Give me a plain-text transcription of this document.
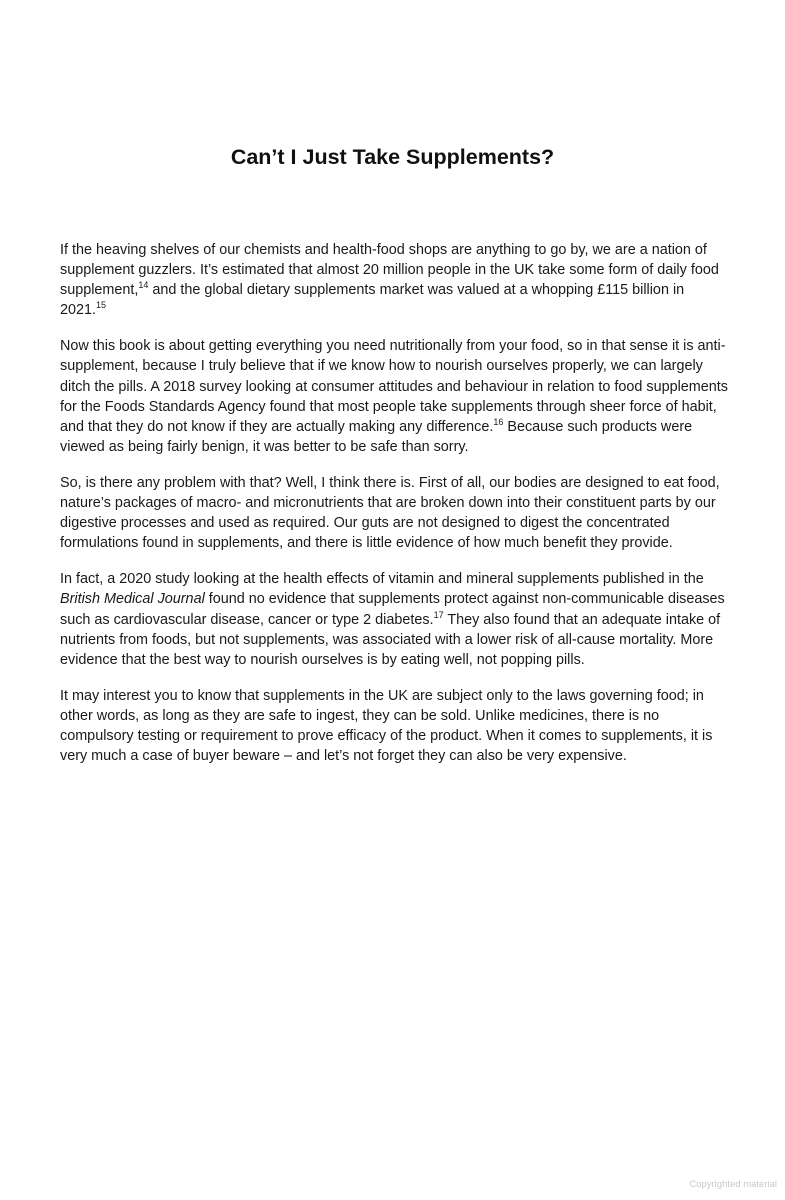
Can’t I Just Take Supplements?

If the heaving shelves of our chemists and health-food shops are anything to go by, we are a nation of supplement guzzlers. It’s estimated that almost 20 million people in the UK take some form of daily food supplement,$^{14}$ and the global dietary supplements market was valued at a whopping £115 billion in 2021.15

Now this book is about getting everything you need nutritionally from your food, so in that sense it is anti-supplement, because I truly believe that if we know how to nourish ourselves properly, we can largely ditch the pills. A 2018 survey looking at consumer attitudes and behaviour in relation to food supplements for the Foods Standards Agency found that most people take supplements through sheer force of habit, and that they do not know if they are actually making any difference.$^{16}$ Because such products were viewed as being fairly benign, it was better to be safe than sorry.

So, is there any problem with that? Well, I think there is. First of all, our bodies are designed to eat food, nature’s packages of macro- and micronutrients that are broken down into their constituent parts by our digestive processes and used as required. Our guts are not designed to digest the concentrated formulations found in supplements, and there is little evidence of how much benefit they provide.

In fact, a 2020 study looking at the health effects of vitamin and mineral supplements published in the British Medical Journal found no evidence that supplements protect against non-communicable diseases such as cardiovascular disease, cancer or type 2 diabetes.$^{17}$ They also found that an adequate intake of nutrients from foods, but not supplements, was associated with a lower risk of all-cause mortality. More evidence that the best way to nourish ourselves is by eating well, not popping pills.

It may interest you to know that supplements in the UK are subject only to the laws governing food; in other words, as long as they are safe to ingest, they can be sold. Unlike medicines, there is no compulsory testing or requirement to prove efficacy of the product. When it comes to supplements, it is very much a case of buyer beware – and let’s not forget they can also be very expensive.

Copyrighted material
